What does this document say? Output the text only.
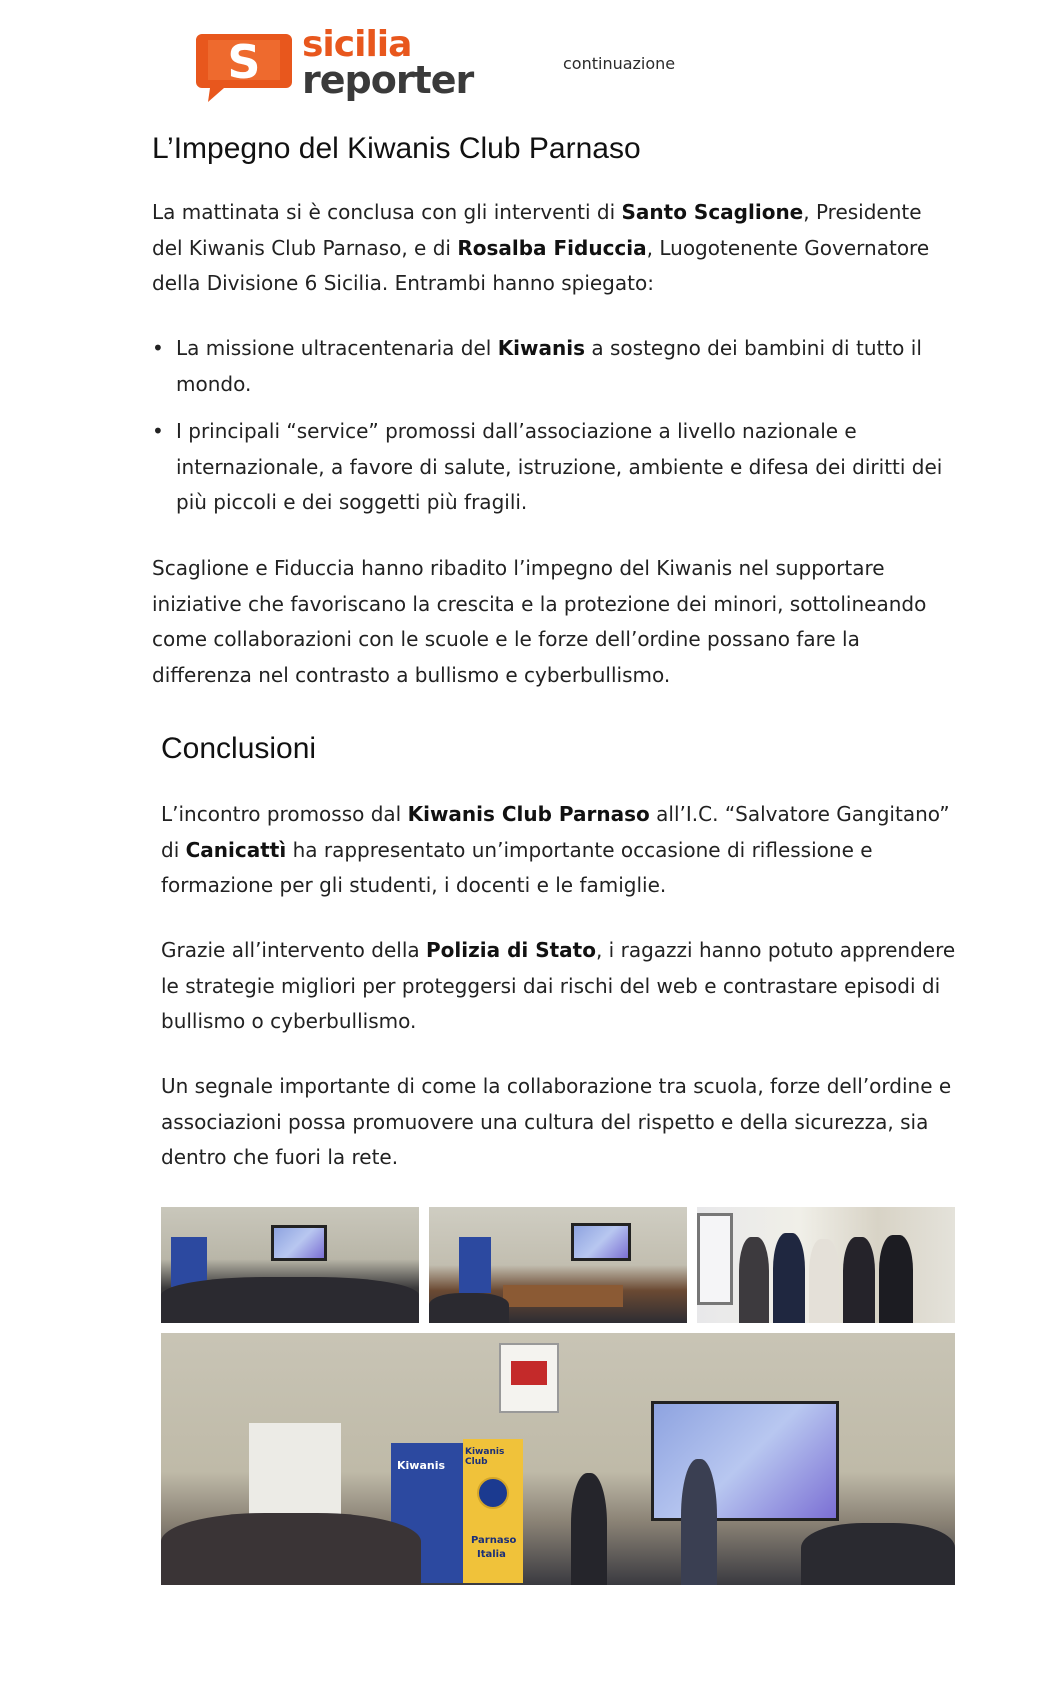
S sicilia
reporter	continuazione
L’Impegno del Kiwanis Club Parnaso

La mattinata si è conclusa con gli interventi di Santo Scaglione, Presidente del Kiwanis Club Parnaso, e di Rosalba Fiduccia, Luogotenente Governatore della Divisione 6 Sicilia. Entrambi hanno spiegato:

• La missione ultracentenaria del Kiwanis a sostegno dei bambini di tutto il mondo.
• I principali “service” promossi dall’associazione a livello nazionale e internazionale, a favore di salute, istruzione, ambiente e difesa dei diritti dei più piccoli e dei soggetti più fragili.

Scaglione e Fiduccia hanno ribadito l’impegno del Kiwanis nel supportare iniziative che favoriscano la crescita e la protezione dei minori, sottolineando come collaborazioni con le scuole e le forze dell’ordine possano fare la differenza nel contrasto a bullismo e cyberbullismo.

Conclusioni

L’incontro promosso dal Kiwanis Club Parnaso all’I.C. “Salvatore Gangitano” di Canicattì ha rappresentato un’importante occasione di riflessione e formazione per gli studenti, i docenti e le famiglie.

Grazie all’intervento della Polizia di Stato, i ragazzi hanno potuto apprendere le strategie migliori per proteggersi dai rischi del web e contrastare episodi di bullismo o cyberbullismo.

Un segnale importante di come la collaborazione tra scuola, forze dell’ordine e associazioni possa promuovere una cultura del rispetto e della sicurezza, sia dentro che fuori la rete.

Kiwanis
Kiwanis Club
Parnaso
Italia
